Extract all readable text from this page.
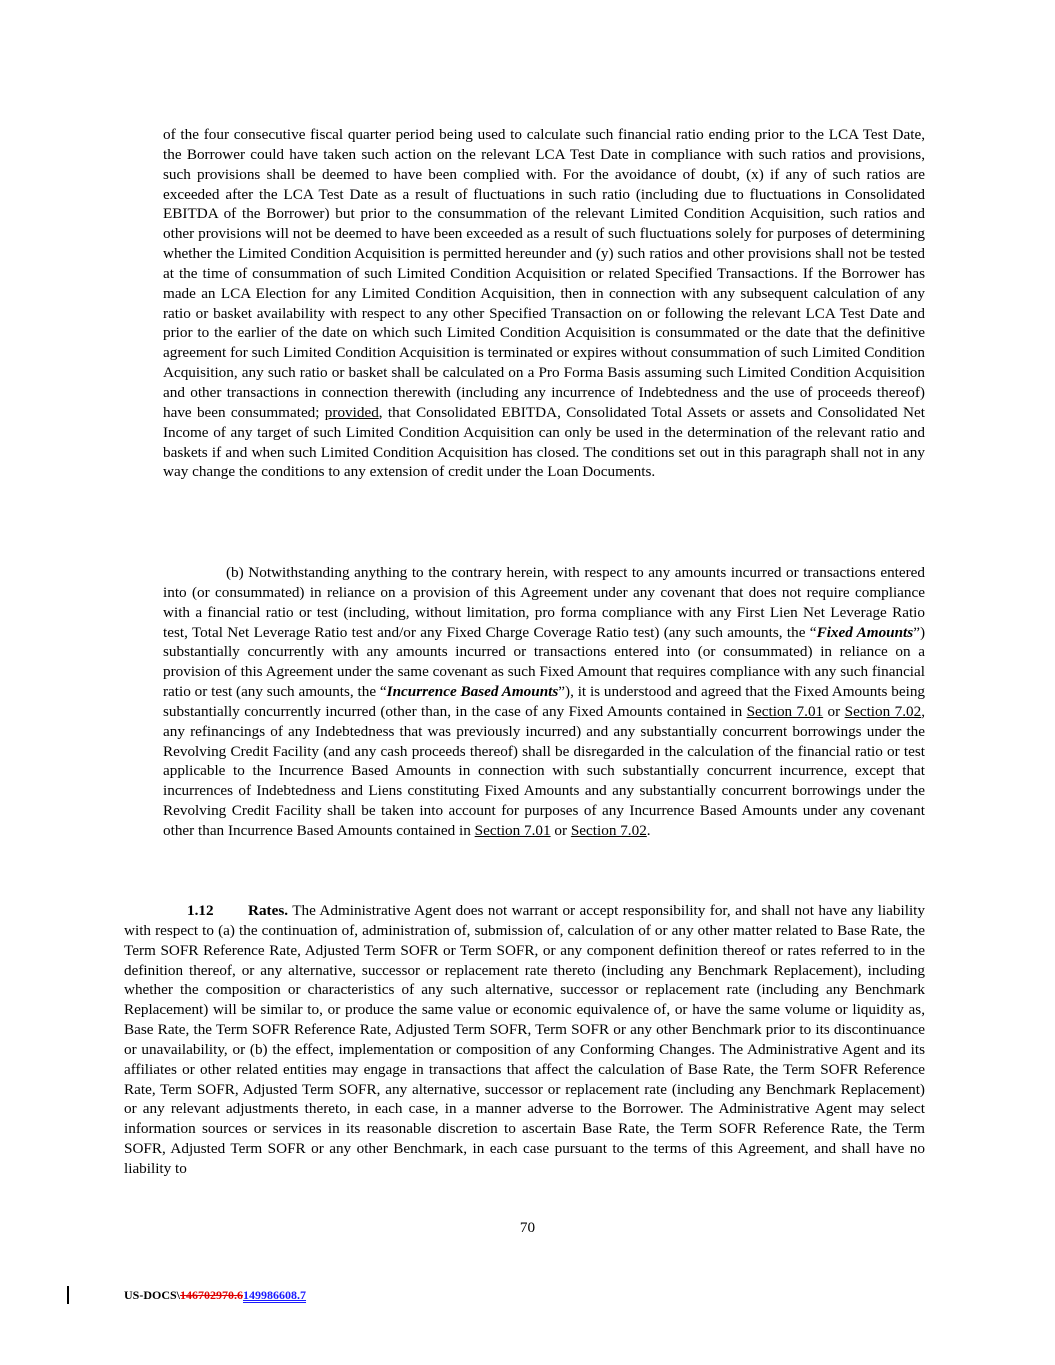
of the four consecutive fiscal quarter period being used to calculate such financial ratio ending prior to the LCA Test Date, the Borrower could have taken such action on the relevant LCA Test Date in compliance with such ratios and provisions, such provisions shall be deemed to have been complied with. For the avoidance of doubt, (x) if any of such ratios are exceeded after the LCA Test Date as a result of fluctuations in such ratio (including due to fluctuations in Consolidated EBITDA of the Borrower) but prior to the consummation of the relevant Limited Condition Acquisition, such ratios and other provisions will not be deemed to have been exceeded as a result of such fluctuations solely for purposes of determining whether the Limited Condition Acquisition is permitted hereunder and (y) such ratios and other provisions shall not be tested at the time of consummation of such Limited Condition Acquisition or related Specified Transactions. If the Borrower has made an LCA Election for any Limited Condition Acquisition, then in connection with any subsequent calculation of any ratio or basket availability with respect to any other Specified Transaction on or following the relevant LCA Test Date and prior to the earlier of the date on which such Limited Condition Acquisition is consummated or the date that the definitive agreement for such Limited Condition Acquisition is terminated or expires without consummation of such Limited Condition Acquisition, any such ratio or basket shall be calculated on a Pro Forma Basis assuming such Limited Condition Acquisition and other transactions in connection therewith (including any incurrence of Indebtedness and the use of proceeds thereof) have been consummated; provided, that Consolidated EBITDA, Consolidated Total Assets or assets and Consolidated Net Income of any target of such Limited Condition Acquisition can only be used in the determination of the relevant ratio and baskets if and when such Limited Condition Acquisition has closed. The conditions set out in this paragraph shall not in any way change the conditions to any extension of credit under the Loan Documents.

(b) Notwithstanding anything to the contrary herein, with respect to any amounts incurred or transactions entered into (or consummated) in reliance on a provision of this Agreement under any covenant that does not require compliance with a financial ratio or test (including, without limitation, pro forma compliance with any First Lien Net Leverage Ratio test, Total Net Leverage Ratio test and/or any Fixed Charge Coverage Ratio test) (any such amounts, the “Fixed Amounts”) substantially concurrently with any amounts incurred or transactions entered into (or consummated) in reliance on a provision of this Agreement under the same covenant as such Fixed Amount that requires compliance with any such financial ratio or test (any such amounts, the “Incurrence Based Amounts”), it is understood and agreed that the Fixed Amounts being substantially concurrently incurred (other than, in the case of any Fixed Amounts contained in Section 7.01 or Section 7.02, any refinancings of any Indebtedness that was previously incurred) and any substantially concurrent borrowings under the Revolving Credit Facility (and any cash proceeds thereof) shall be disregarded in the calculation of the financial ratio or test applicable to the Incurrence Based Amounts in connection with such substantially concurrent incurrence, except that incurrences of Indebtedness and Liens constituting Fixed Amounts and any substantially concurrent borrowings under the Revolving Credit Facility shall be taken into account for purposes of any Incurrence Based Amounts under any covenant other than Incurrence Based Amounts contained in Section 7.01 or Section 7.02.

1.12 Rates. The Administrative Agent does not warrant or accept responsibility for, and shall not have any liability with respect to (a) the continuation of, administration of, submission of, calculation of or any other matter related to Base Rate, the Term SOFR Reference Rate, Adjusted Term SOFR or Term SOFR, or any component definition thereof or rates referred to in the definition thereof, or any alternative, successor or replacement rate thereto (including any Benchmark Replacement), including whether the composition or characteristics of any such alternative, successor or replacement rate (including any Benchmark Replacement) will be similar to, or produce the same value or economic equivalence of, or have the same volume or liquidity as, Base Rate, the Term SOFR Reference Rate, Adjusted Term SOFR, Term SOFR or any other Benchmark prior to its discontinuance or unavailability, or (b) the effect, implementation or composition of any Conforming Changes. The Administrative Agent and its affiliates or other related entities may engage in transactions that affect the calculation of Base Rate, the Term SOFR Reference Rate, Term SOFR, Adjusted Term SOFR, any alternative, successor or replacement rate (including any Benchmark Replacement) or any relevant adjustments thereto, in each case, in a manner adverse to the Borrower. The Administrative Agent may select information sources or services in its reasonable discretion to ascertain Base Rate, the Term SOFR Reference Rate, the Term SOFR, Adjusted Term SOFR or any other Benchmark, in each case pursuant to the terms of this Agreement, and shall have no liability to

70
US-DOCS\146702970.6149986608.7
